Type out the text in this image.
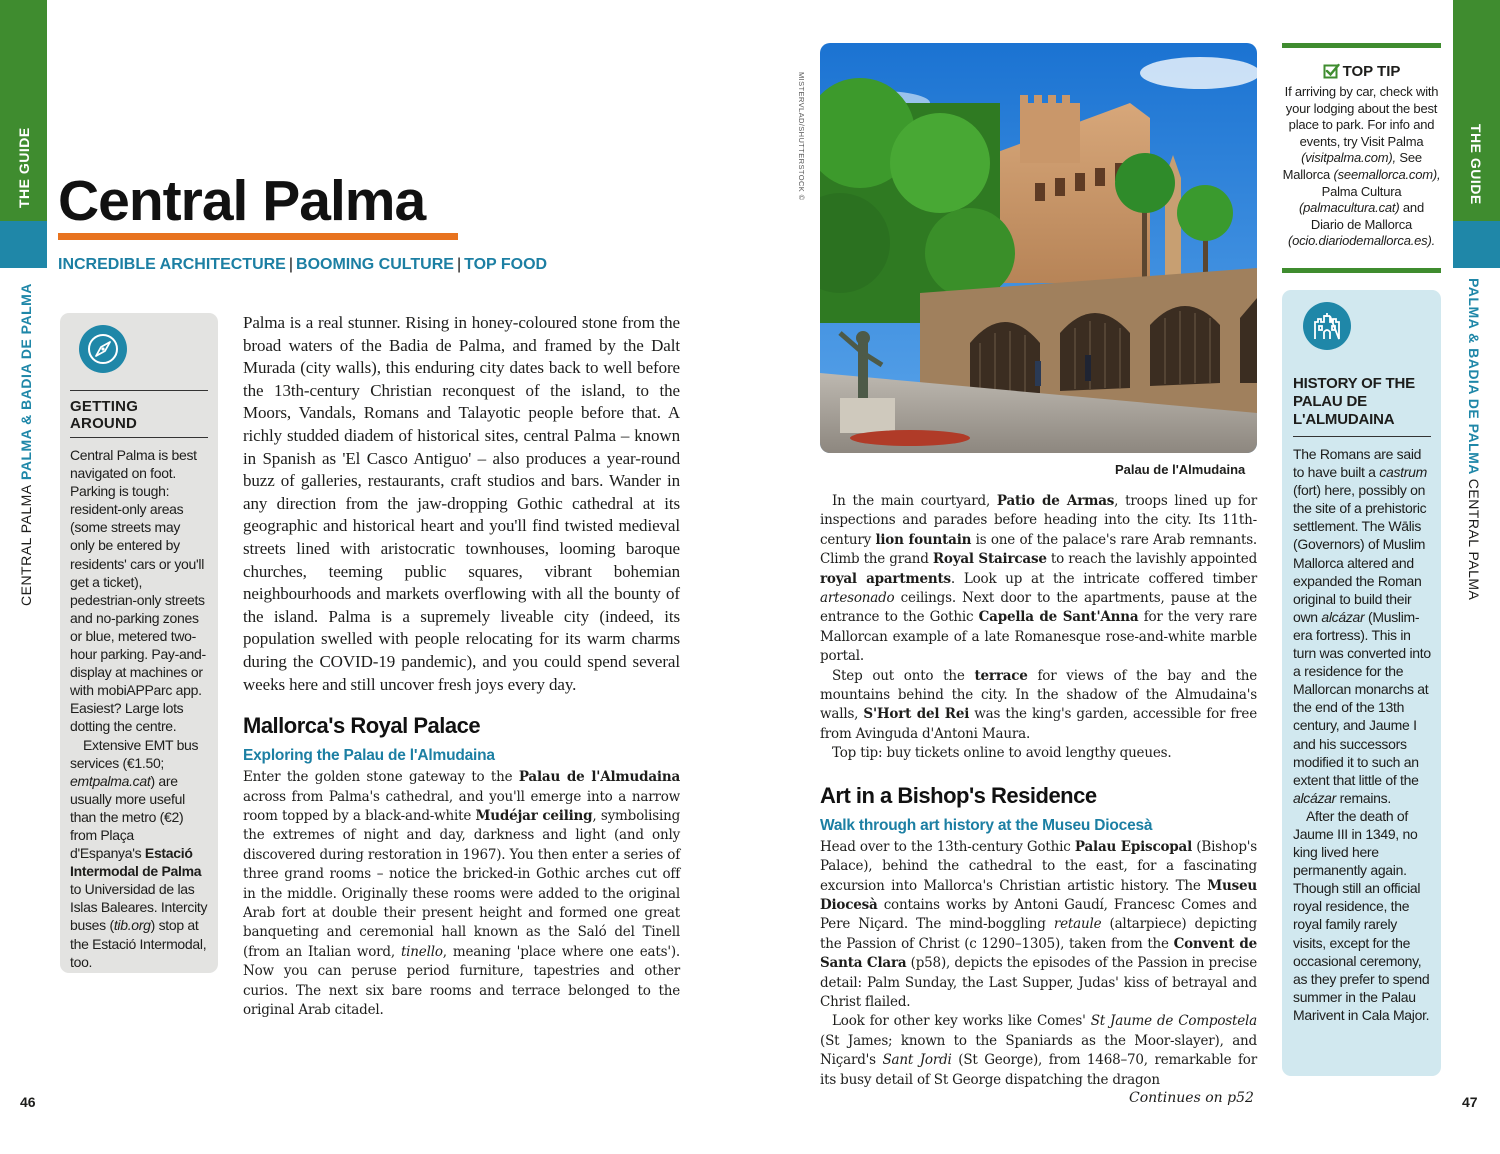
THE GUIDE
CENTRAL PALMA PALMA & BADIA DE PALMA
46
THE GUIDE
PALMA & BADIA DE PALMA CENTRAL PALMA
47
Central Palma
INCREDIBLE ARCHITECTURE | BOOMING CULTURE | TOP FOOD
GETTING AROUND

Central Palma is best navigated on foot. Parking is tough: resident-only areas (some streets may only be entered by residents' cars or you'll get a ticket), pedestrian-only streets and no-parking zones or blue, metered two-hour parking. Pay-and-display at machines or with mobiAPParc app. Easiest? Large lots dotting the centre.

Extensive EMT bus services (€1.50; emtpalma.cat) are usually more useful than the metro (€2) from Plaça d'Espanya's Estació Intermodal de Palma to Universidad de las Islas Baleares. Intercity buses (tib.org) stop at the Estació Intermodal, too.

Palma is a real stunner. Rising in honey-coloured stone from the broad waters of the Badia de Palma, and framed by the Dalt Murada (city walls), this enduring city dates back to well before the 13th-century Christian reconquest of the island, to the Moors, Vandals, Romans and Talayotic people before that. A richly studded diadem of historical sites, central Palma – known in Spanish as 'El Casco Antiguo' – also produces a year-round buzz of galleries, restaurants, craft studios and bars. Wander in any direction from the jaw-dropping Gothic cathedral at its geographic and historical heart and you'll find twisted medieval streets lined with aristocratic townhouses, looming baroque churches, teeming public squares, vibrant bohemian neighbourhoods and markets overflowing with all the bounty of the island. Palma is a supremely liveable city (indeed, its population swelled with people relocating for its warm charms during the COVID-19 pandemic), and you could spend several weeks here and still uncover fresh joys every day.

Mallorca's Royal Palace
Exploring the Palau de l'Almudaina

Enter the golden stone gateway to the Palau de l'Almudaina across from Palma's cathedral, and you'll emerge into a narrow room topped by a black-and-white Mudéjar ceiling, symbolising the extremes of night and day, darkness and light (and only discovered during restoration in 1967). You then enter a series of three grand rooms – notice the bricked-in Gothic arches cut off in the middle. Originally these rooms were added to the original Arab fort at double their present height and formed one great banqueting and ceremonial hall known as the Saló del Tinell (from an Italian word, tinello, meaning 'place where one eats'). Now you can peruse period furniture, tapestries and other curios. The next six bare rooms and terrace belonged to the original Arab citadel.

MISTERVLAD/SHUTTERSTOCK ©
Palau de l'Almudaina

In the main courtyard, Patio de Armas, troops lined up for inspections and parades before heading into the city. Its 11th-century lion fountain is one of the palace's rare Arab remnants. Climb the grand Royal Staircase to reach the lavishly appointed royal apartments. Look up at the intricate coffered timber artesonado ceilings. Next door to the apartments, pause at the entrance to the Gothic Capella de Sant'Anna for the very rare Mallorcan example of a late Romanesque rose-and-white marble portal.

Step out onto the terrace for views of the bay and the mountains behind the city. In the shadow of the Almudaina's walls, S'Hort del Rei was the king's garden, accessible for free from Avinguda d'Antoni Maura.

Top tip: buy tickets online to avoid lengthy queues.

Art in a Bishop's Residence
Walk through art history at the Museu Diocesà

Head over to the 13th-century Gothic Palau Episcopal (Bishop's Palace), behind the cathedral to the east, for a fascinating excursion into Mallorca's Christian artistic history. The Museu Diocesà contains works by Antoni Gaudí, Francesc Comes and Pere Niçard. The mind-boggling retaule (altarpiece) depicting the Passion of Christ (c 1290–1305), taken from the Convent de Santa Clara (p58), depicts the episodes of the Passion in precise detail: Palm Sunday, the Last Supper, Judas' kiss of betrayal and Christ flailed.

Look for other key works like Comes' St Jaume de Compostela (St James; known to the Spaniards as the Moor-slayer), and Niçard's Sant Jordi (St George), from 1468–70, remarkable for its busy detail of St George dispatching the dragon

Continues on p52
TOP TIP
If arriving by car, check with your lodging about the best place to park. For info and events, try Visit Palma (visitpalma.com), See Mallorca (seemallorca.com), Palma Cultura (palmacultura.cat) and Diario de Mallorca (ocio.diariodemallorca.es).
HISTORY OF THE PALAU DE L'ALMUDAINA

The Romans are said to have built a castrum (fort) here, possibly on the site of a prehistoric settlement. The Wālis (Governors) of Muslim Mallorca altered and expanded the Roman original to build their own alcázar (Muslim-era fortress). This in turn was converted into a residence for the Mallorcan monarchs at the end of the 13th century, and Jaume I and his successors modified it to such an extent that little of the alcázar remains.

After the death of Jaume III in 1349, no king lived here permanently again. Though still an official royal residence, the royal family rarely visits, except for the occasional ceremony, as they prefer to spend summer in the Palau Marivent in Cala Major.
